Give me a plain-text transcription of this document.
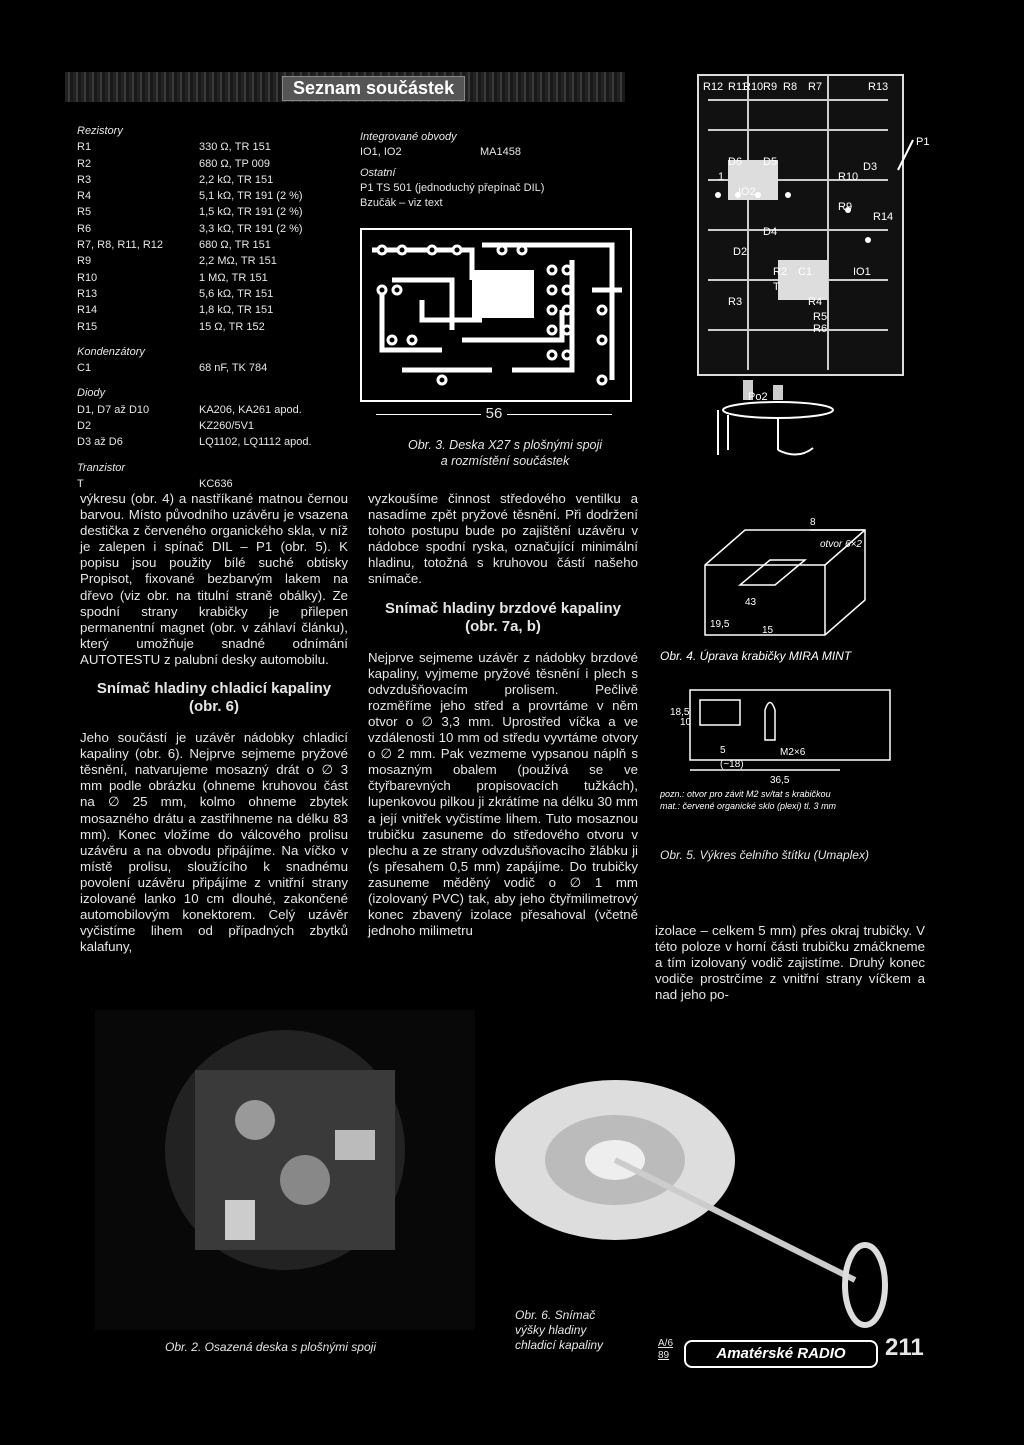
Seznam součástek
Rezistory
R1	330 Ω, TR 151
R2	680 Ω, TP 009
R3	2,2 kΩ, TR 151
R4	5,1 kΩ, TR 191 (2 %)
R5	1,5 kΩ, TR 191 (2 %)
R6	3,3 kΩ, TR 191 (2 %)
R7, R8, R11, R12	680 Ω, TR 151
R9	2,2 MΩ, TR 151
R10	1 MΩ, TR 151
R13	5,6 kΩ, TR 151
R14	1,8 kΩ, TR 151
R15	15 Ω, TR 152
Kondenzátory
C1	68 nF, TK 784
Diody
D1, D7 až D10	KA206, KA261 apod.
D2	KZ260/5V1
D3 až D6	LQ1102, LQ1112 apod.
Tranzistor
T	KC636
Integrované obvody
IO1, IO2	MA1458
Ostatní
P1 TS 501 (jednoduchý přepínač DIL)
Bzučák – viz text
56
Obr. 3. Deska X27 s plošnými spoji
a rozmístění součástek
R12 R11
R10 R9 R8 R7	R13
P1
D6 D5
R10
IO2
R9
D4
D2
R2 C1	IO1
R14
R3	R4
R5
R6
Po2
D3
1
T
výkresu (obr. 4) a nastříkané matnou černou barvou. Místo původního uzávěru je vsazena destička z červeného organického skla, v níž je zalepen i spínač DIL – P1 (obr. 5). K popisu jsou použity bílé suché obtisky Propisot, fixované bezbarvým lakem na dřevo (viz obr. na titulní straně obálky). Ze spodní strany krabičky je přilepen permanentní magnet (obr. v záhlaví článku), který umožňuje snadné odnímání AUTOTESTU z palubní desky automobilu.
Snímač hladiny chladicí kapaliny (obr. 6)
Jeho součástí je uzávěr nádobky chladicí kapaliny (obr. 6). Nejprve sejmeme pryžové těsnění, natvarujeme mosazný drát o ∅ 3 mm podle obrázku (ohneme kruhovou část na ∅ 25 mm, kolmo ohneme zbytek mosazného drátu a zastřihneme na délku 83 mm). Konec vložíme do válcového prolisu uzávěru a na obvodu připájíme. Na víčko v místě prolisu, sloužícího k snadnému povolení uzávěru připájíme z vnitřní strany izolované lanko 10 cm dlouhé, zakončené automobilovým konektorem. Celý uzávěr vyčistíme lihem od případných zbytků kalafuny,
vyzkoušíme činnost středového ventilku a nasadíme zpět pryžové těsnění. Při dodržení tohoto postupu bude po zajištění uzávěru v nádobce spodní ryska, označující minimální hladinu, totožná s kruhovou částí našeho snímače.
Snímač hladiny brzdové kapaliny (obr. 7a, b)
Nejprve sejmeme uzávěr z nádobky brzdové kapaliny, vyjmeme pryžové těsnění i plech s odvzdušňovacím prolisem. Pečlivě rozměříme jeho střed a provrtáme v něm otvor o ∅ 3,3 mm. Uprostřed víčka a ve vzdálenosti 10 mm od středu vyvrtáme otvory o ∅ 2 mm. Pak vezmeme vypsanou náplň s mosazným obalem (používá se ve čtyřbarevných propisovacích tužkách), lupenkovou pilkou ji zkrátíme na délku 30 mm a její vnitřek vyčistíme lihem. Tuto mosaznou trubičku zasuneme do středového otvoru v plechu a ze strany odvzdušňovacího žlábku ji (s přesahem 0,5 mm) zapájíme. Do trubičky zasuneme měděný vodič o ∅ 1 mm (izolovaný PVC) tak, aby jeho čtyřmilimetrový konec zbavený izolace přesahoval (včetně jednoho milimetru
otvor 6×2
19,5
15
43
8
Obr. 4. Úprava krabičky MIRA MINT
18,5
10
5	M2×6
(~18)
36,5
pozn.: otvor pro závit M2 sv/tat s krabičkou
mat.: červené organické sklo (plexi) tl. 3 mm
Obr. 5. Výkres čelního štítku (Umaplex)
izolace – celkem 5 mm) přes okraj trubičky. V této poloze v horní části trubičku zmáčkneme a tím izolovaný vodič zajistíme. Druhý konec vodiče prostrčíme z vnitřní strany víčkem a nad jeho po-
Obr. 2. Osazená deska s plošnými spoji
Obr. 6. Snímač
výšky hladiny
chladicí kapaliny	A/6
89	Amatérské RADIO	211
